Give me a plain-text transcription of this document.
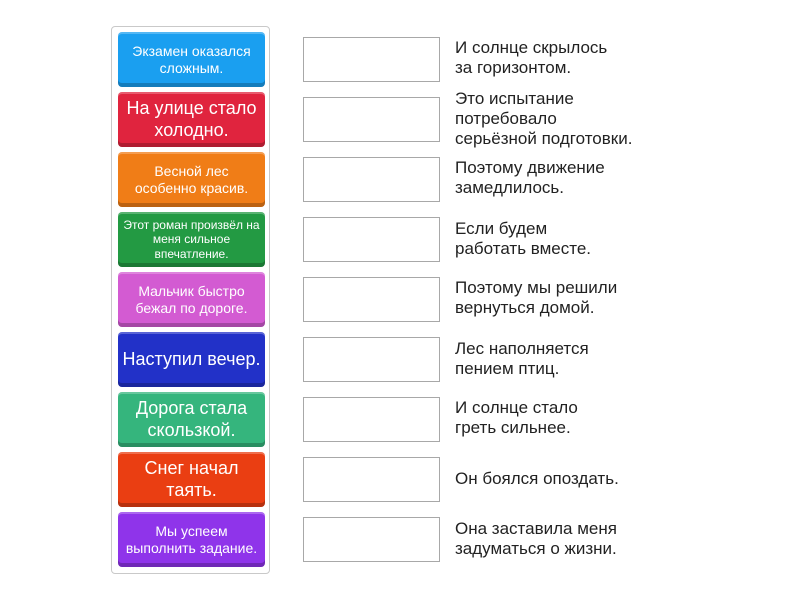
Экзамен оказался сложным.
На улице стало холодно.
Весной лес особенно красив.
Этот роман произвёл на меня сильное впечатление.
Мальчик быстро бежал по дороге.
Наступил вечер.
Дорога стала скользкой.
Снег начал таять.
Мы успеем выполнить задание.
И солнце скрылось
за горизонтом.
Это испытание
потребовало
серьёзной подготовки.
Поэтому движение
замедлилось.
Если будем
работать вместе.
Поэтому мы решили
вернуться домой.
Лес наполняется
пением птиц.
И солнце стало
греть сильнее.
Он боялся опоздать.
Она заставила меня
задуматься о жизни.
